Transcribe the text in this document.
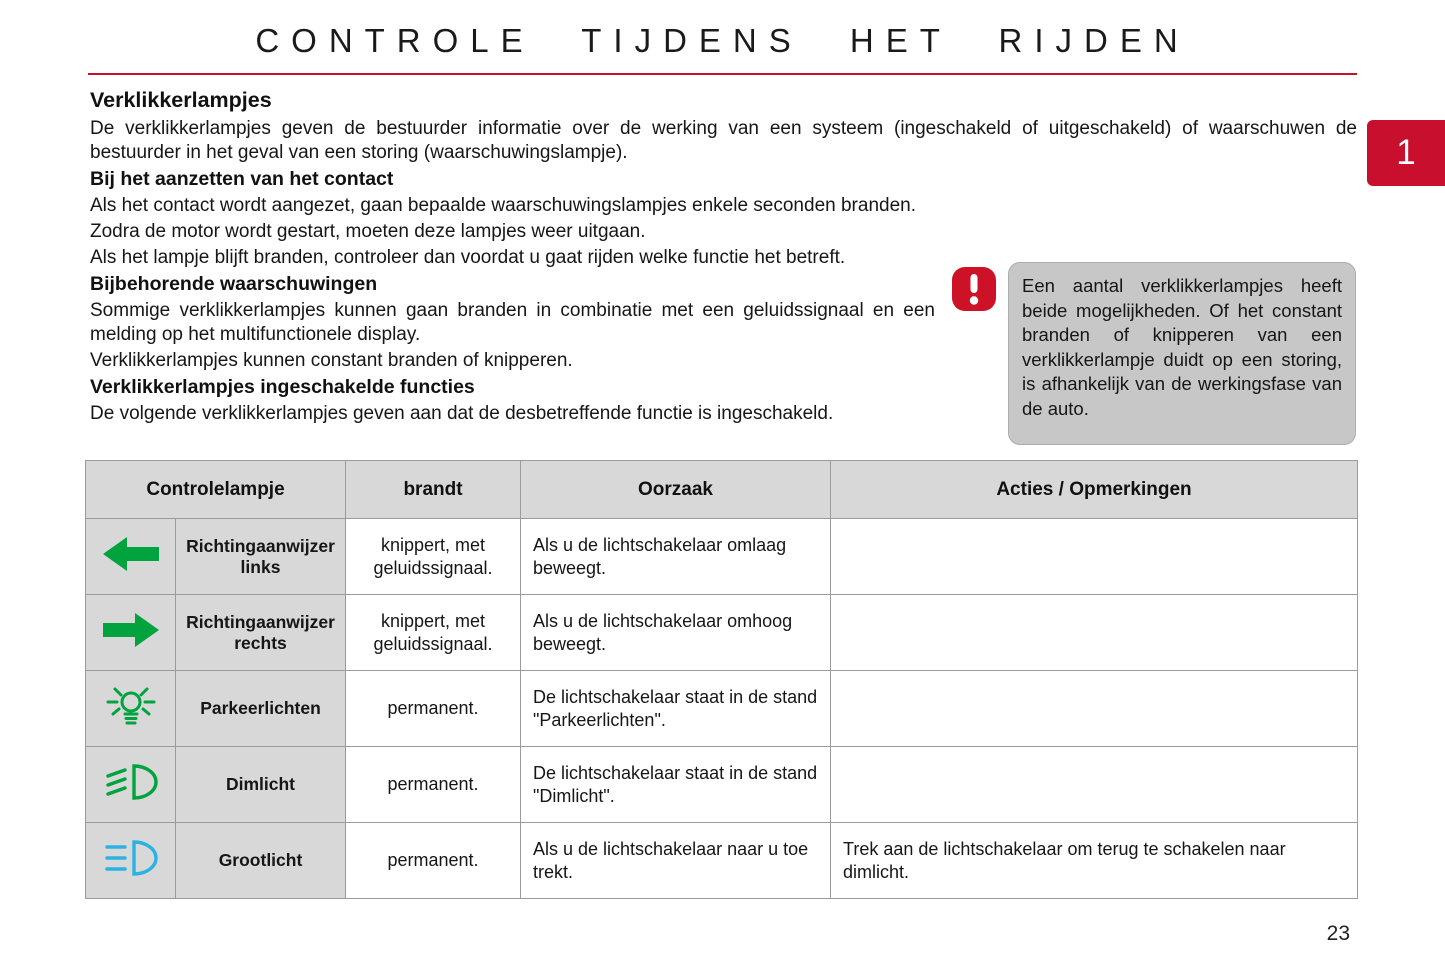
1
CONTROLE TIJDENS HET RIJDEN
Verklikkerlampjes

De verklikkerlampjes geven de bestuurder informatie over de werking van een systeem (ingeschakeld of uitgeschakeld) of waarschuwen de bestuurder in het geval van een storing (waarschuwingslampje).

Bij het aanzetten van het contact

Als het contact wordt aangezet, gaan bepaalde waarschuwingslampjes enkele seconden branden.

Zodra de motor wordt gestart, moeten deze lampjes weer uitgaan.

Als het lampje blijft branden, controleer dan voordat u gaat rijden welke functie het betreft.

Bijbehorende waarschuwingen

Sommige verklikkerlampjes kunnen gaan branden in combinatie met een geluidssignaal en een melding op het multifunctionele display.

Verklikkerlampjes kunnen constant branden of knipperen.

Verklikkerlampjes ingeschakelde functies

De volgende verklikkerlampjes geven aan dat de desbetreffende functie is ingeschakeld.

Een aantal verklikkerlampjes heeft beide mogelijkheden. Of het constant branden of knipperen van een verklikkerlampje duidt op een storing, is afhankelijk van de werkingsfase van de auto.
Controlelampje		brandt	Oorzaak	Acties / Opmerkingen
	Richtingaanwijzer links	knippert, met geluidssignaal.	Als u de lichtschakelaar omlaag beweegt.	
	Richtingaanwijzer rechts	knippert, met geluidssignaal.	Als u de lichtschakelaar omhoog beweegt.	
	Parkeerlichten	permanent.	De lichtschakelaar staat in de stand "Parkeerlichten".	
	Dimlicht	permanent.	De lichtschakelaar staat in de stand "Dimlicht".	
	Grootlicht	permanent.	Als u de lichtschakelaar naar u toe trekt.	Trek aan de lichtschakelaar om terug te schakelen naar dimlicht.
23
